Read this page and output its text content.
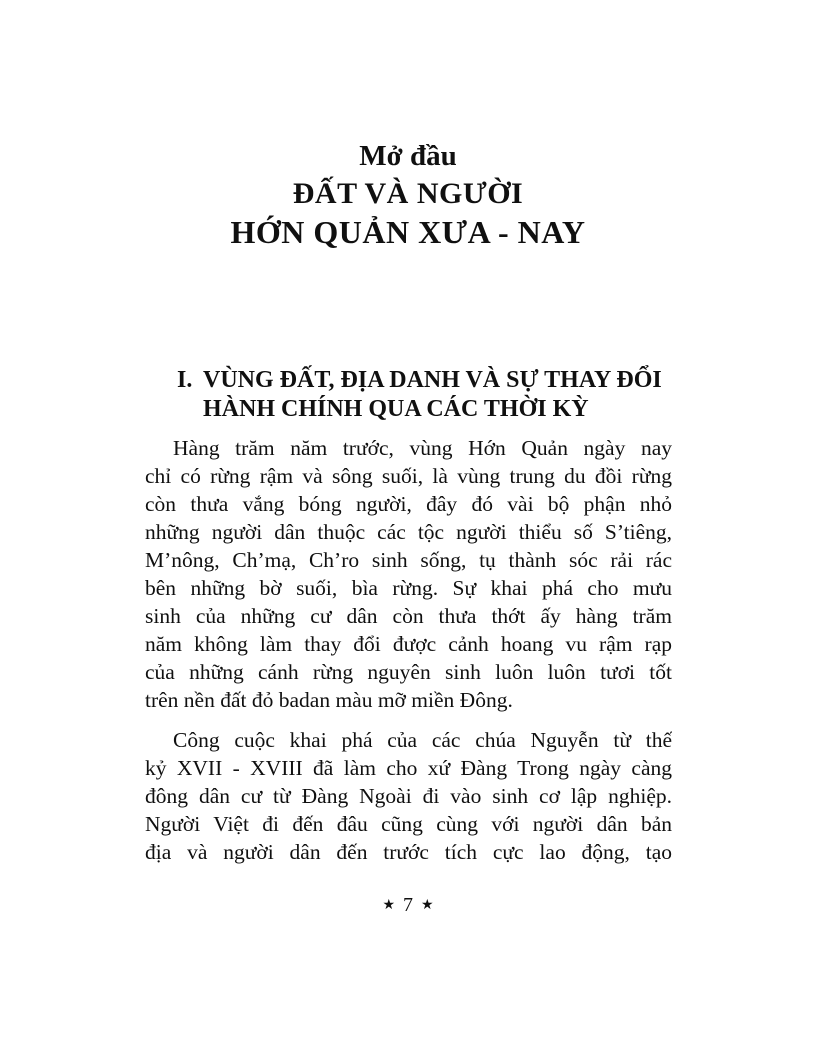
Mở đầu
ĐẤT VÀ NGƯỜI
HỚN QUẢN XƯA - NAY
I. VÙNG ĐẤT, ĐỊA DANH VÀ SỰ THAY ĐỔI
HÀNH CHÍNH QUA CÁC THỜI KỲ
Hàng trăm năm trước, vùng Hớn Quản ngày nay
chỉ có rừng rậm và sông suối, là vùng trung du đồi rừng
còn thưa vắng bóng người, đây đó vài bộ phận nhỏ
những người dân thuộc các tộc người thiểu số S’tiêng,
M’nông, Ch’mạ, Ch’ro sinh sống, tụ thành sóc rải rác
bên những bờ suối, bìa rừng. Sự khai phá cho mưu
sinh của những cư dân còn thưa thớt ấy hàng trăm
năm không làm thay đổi được cảnh hoang vu rậm rạp
của những cánh rừng nguyên sinh luôn luôn tươi tốt
trên nền đất đỏ badan màu mỡ miền Đông.
Công cuộc khai phá của các chúa Nguyễn từ thế
kỷ XVII - XVIII đã làm cho xứ Đàng Trong ngày càng
đông dân cư từ Đàng Ngoài đi vào sinh cơ lập nghiệp.
Người Việt đi đến đâu cũng cùng với người dân bản
địa và người dân đến trước tích cực lao động, tạo
★ 7 ★
